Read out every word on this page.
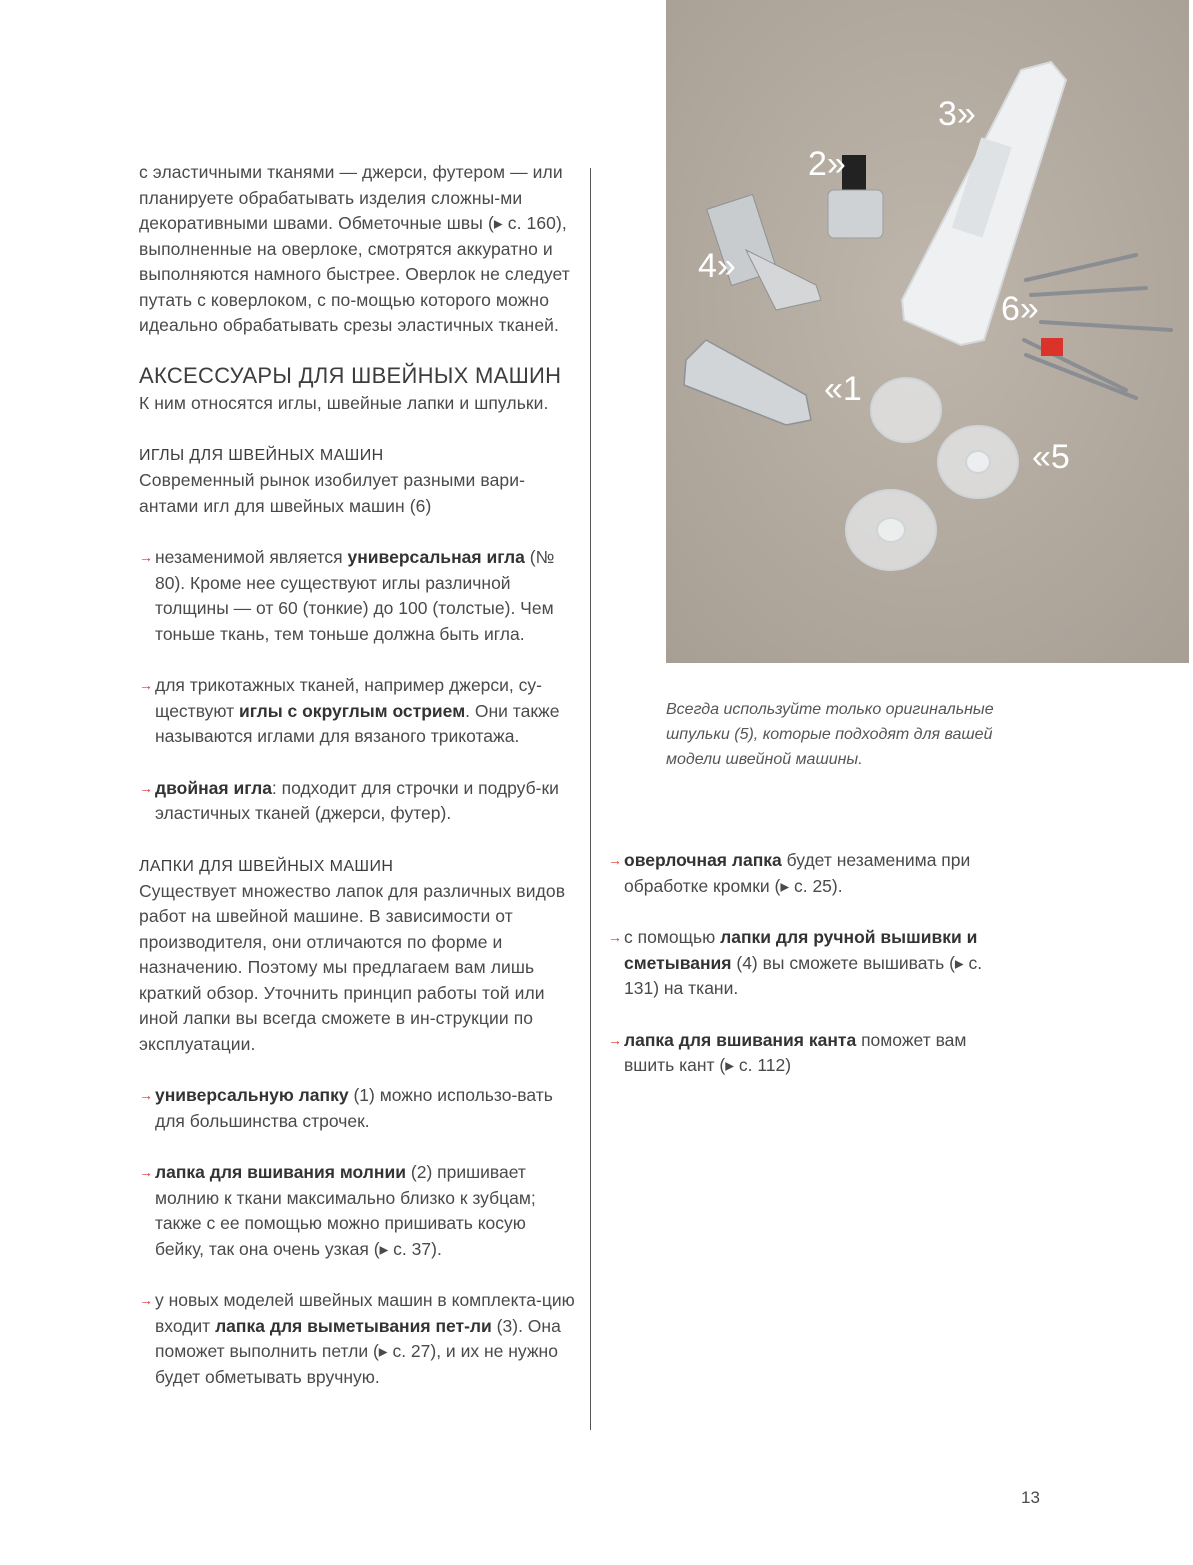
с эластичными тканями — джерси, футером — или планируете обрабатывать изделия сложны-ми декоративными швами. Обметочные швы (▸ с. 160), выполненные на оверлоке, смотрятся аккуратно и выполняются намного быстрее. Оверлок не следует путать с коверлоком, с по-мощью которого можно идеально обрабатывать срезы эластичных тканей.

АКСЕССУАРЫ ДЛЯ ШВЕЙНЫХ МАШИН

К ним относятся иглы, швейные лапки и шпульки.

ИГЛЫ ДЛЯ ШВЕЙНЫХ МАШИН

Современный рынок изобилует разными вари-антами игл для швейных машин (6)

→ незаменимой является универсальная игла (№ 80). Кроме нее существуют иглы различной толщины — от 60 (тонкие) до 100 (толстые). Чем тоньше ткань, тем тоньше должна быть игла.

→ для трикотажных тканей, например джерси, су-ществуют иглы с округлым острием. Они также называются иглами для вязаного трикотажа.

→ двойная игла: подходит для строчки и подруб-ки эластичных тканей (джерси, футер).

ЛАПКИ ДЛЯ ШВЕЙНЫХ МАШИН

Существует множество лапок для различных видов работ на швейной машине. В зависимости от производителя, они отличаются по форме и назначению. Поэтому мы предлагаем вам лишь краткий обзор. Уточнить принцип работы той или иной лапки вы всегда сможете в ин-струкции по эксплуатации.

→ универсальную лапку (1) можно использо-вать для большинства строчек.

→ лапка для вшивания молнии (2) пришивает молнию к ткани максимально близко к зубцам; также с ее помощью можно пришивать косую бейку, так она очень узкая (▸ с. 37).

→ у новых моделей швейных машин в комплекта-цию входит лапка для выметывания пет-ли (3). Она поможет выполнить петли (▸ с. 27), и их не нужно будет обметывать вручную.

«1
2»
3»
4»
«5
6»
Всегда используйте только оригинальные шпульки (5), которые подходят для вашей модели швейной машины.

→ оверлочная лапка будет незаменима при обработке кромки (▸ с. 25).

→ с помощью лапки для ручной вышивки и сметывания (4) вы сможете вышивать (▸ с. 131) на ткани.

→ лапка для вшивания канта поможет вам вшить кант (▸ с. 112)

13
